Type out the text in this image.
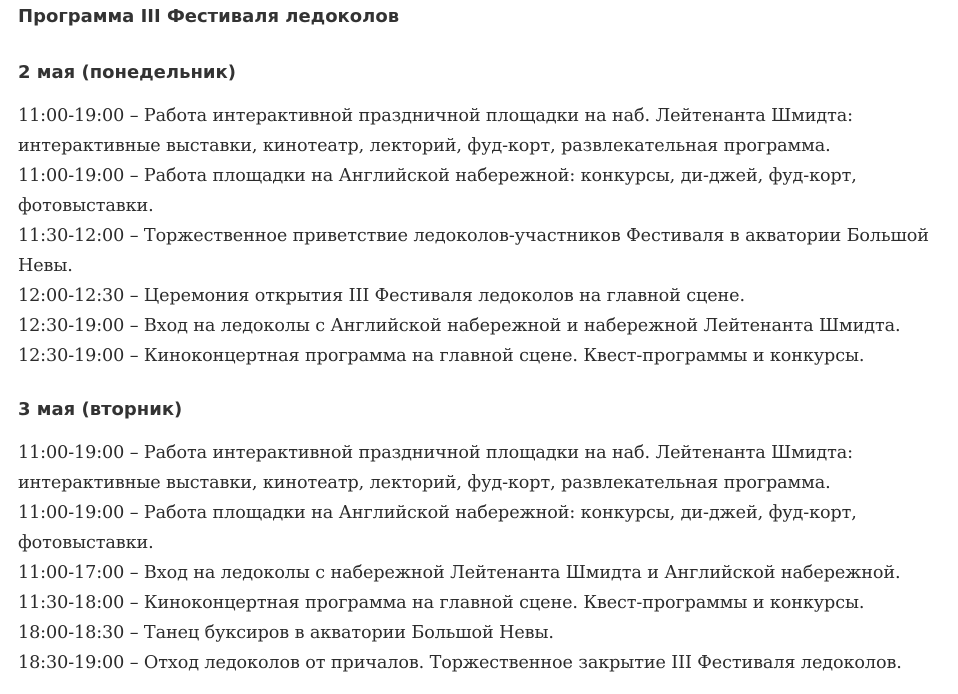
Программа III Фестиваля ледоколов
2 мая (понедельник)
11:00-19:00 – Работа интерактивной праздничной площадки на наб. Лейтенанта Шмидта:
интерактивные выставки, кинотеатр, лекторий, фуд-корт, развлекательная программа.
11:00-19:00 – Работа площадки на Английской набережной: конкурсы, ди-джей, фуд-корт,
фотовыставки.
11:30-12:00 – Торжественное приветствие ледоколов-участников Фестиваля в акватории Большой
Невы.
12:00-12:30 – Церемония открытия III Фестиваля ледоколов на главной сцене.
12:30-19:00 – Вход на ледоколы с Английской набережной и набережной Лейтенанта Шмидта.
12:30-19:00 – Киноконцертная программа на главной сцене. Квест-программы и конкурсы.
3 мая (вторник)
11:00-19:00 – Работа интерактивной праздничной площадки на наб. Лейтенанта Шмидта:
интерактивные выставки, кинотеатр, лекторий, фуд-корт, развлекательная программа.
11:00-19:00 – Работа площадки на Английской набережной: конкурсы, ди-джей, фуд-корт,
фотовыставки.
11:00-17:00 – Вход на ледоколы с набережной Лейтенанта Шмидта и Английской набережной.
11:30-18:00 – Киноконцертная программа на главной сцене. Квест-программы и конкурсы.
18:00-18:30 – Танец буксиров в акватории Большой Невы.
18:30-19:00 – Отход ледоколов от причалов. Торжественное закрытие III Фестиваля ледоколов.
